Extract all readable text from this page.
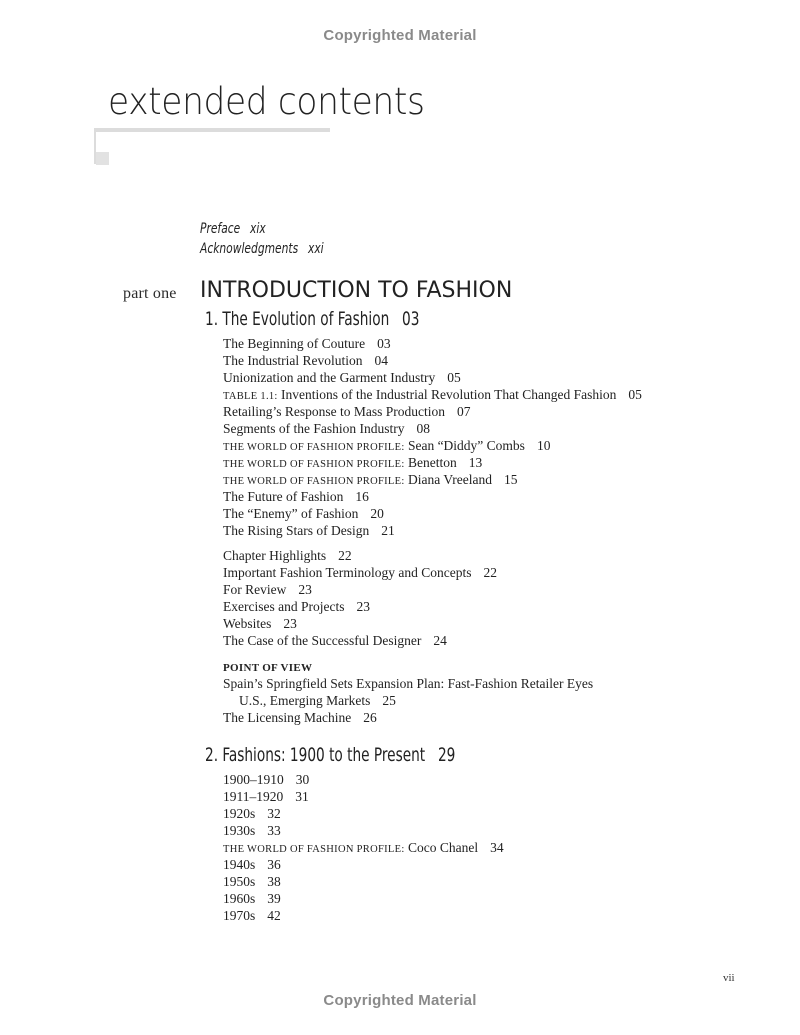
Copyrighted Material
extended contents
Preface xix
Acknowledgments xxi
part one INTRODUCTION TO FASHION
1. The Evolution of Fashion 03
The Beginning of Couture 03
The Industrial Revolution 04
Unionization and the Garment Industry 05
TABLE 1.1: Inventions of the Industrial Revolution That Changed Fashion 05
Retailing’s Response to Mass Production 07
Segments of the Fashion Industry 08
THE WORLD OF FASHION PROFILE: Sean “Diddy” Combs 10
THE WORLD OF FASHION PROFILE: Benetton 13
THE WORLD OF FASHION PROFILE: Diana Vreeland 15
The Future of Fashion 16
The “Enemy” of Fashion 20
The Rising Stars of Design 21
Chapter Highlights 22
Important Fashion Terminology and Concepts 22
For Review 23
Exercises and Projects 23
Websites 23
The Case of the Successful Designer 24
POINT OF VIEW
Spain’s Springfield Sets Expansion Plan: Fast-Fashion Retailer Eyes
U.S., Emerging Markets 25
The Licensing Machine 26
2. Fashions: 1900 to the Present 29
1900–1910 30
1911–1920 31
1920s 32
1930s 33
THE WORLD OF FASHION PROFILE: Coco Chanel 34
1940s 36
1950s 38
1960s 39
1970s 42
vii
Copyrighted Material
